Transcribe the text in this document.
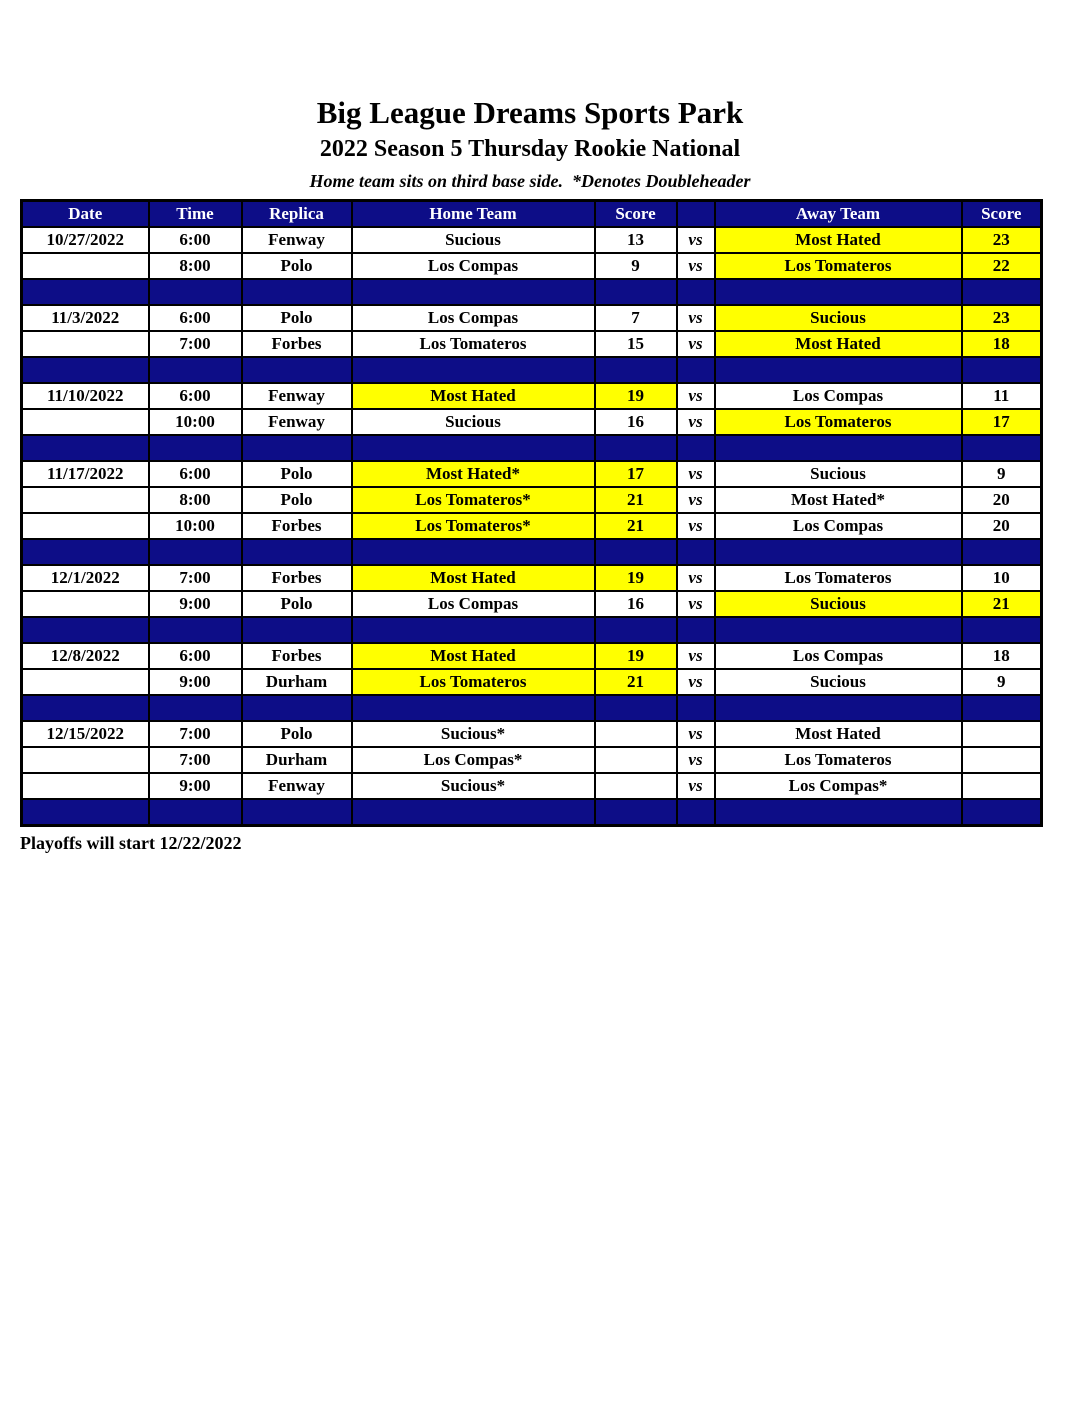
Big League Dreams Sports Park
2022 Season 5 Thursday Rookie National
Home team sits on third base side.  *Denotes Doubleheader
Date	Time	Replica	Home Team	Score		Away Team	Score
10/27/2022	6:00	Fenway	Sucious	13	vs	Most Hated	23
	8:00	Polo	Los Compas	9	vs	Los Tomateros	22

11/3/2022	6:00	Polo	Los Compas	7	vs	Sucious	23
	7:00	Forbes	Los Tomateros	15	vs	Most Hated	18

11/10/2022	6:00	Fenway	Most Hated	19	vs	Los Compas	11
	10:00	Fenway	Sucious	16	vs	Los Tomateros	17

11/17/2022	6:00	Polo	Most Hated*	17	vs	Sucious	9
	8:00	Polo	Los Tomateros*	21	vs	Most Hated*	20
	10:00	Forbes	Los Tomateros*	21	vs	Los Compas	20

12/1/2022	7:00	Forbes	Most Hated	19	vs	Los Tomateros	10
	9:00	Polo	Los Compas	16	vs	Sucious	21

12/8/2022	6:00	Forbes	Most Hated	19	vs	Los Compas	18
	9:00	Durham	Los Tomateros	21	vs	Sucious	9

12/15/2022	7:00	Polo	Sucious*		vs	Most Hated	
	7:00	Durham	Los Compas*		vs	Los Tomateros	
	9:00	Fenway	Sucious*		vs	Los Compas*	

Playoffs will start 12/22/2022
